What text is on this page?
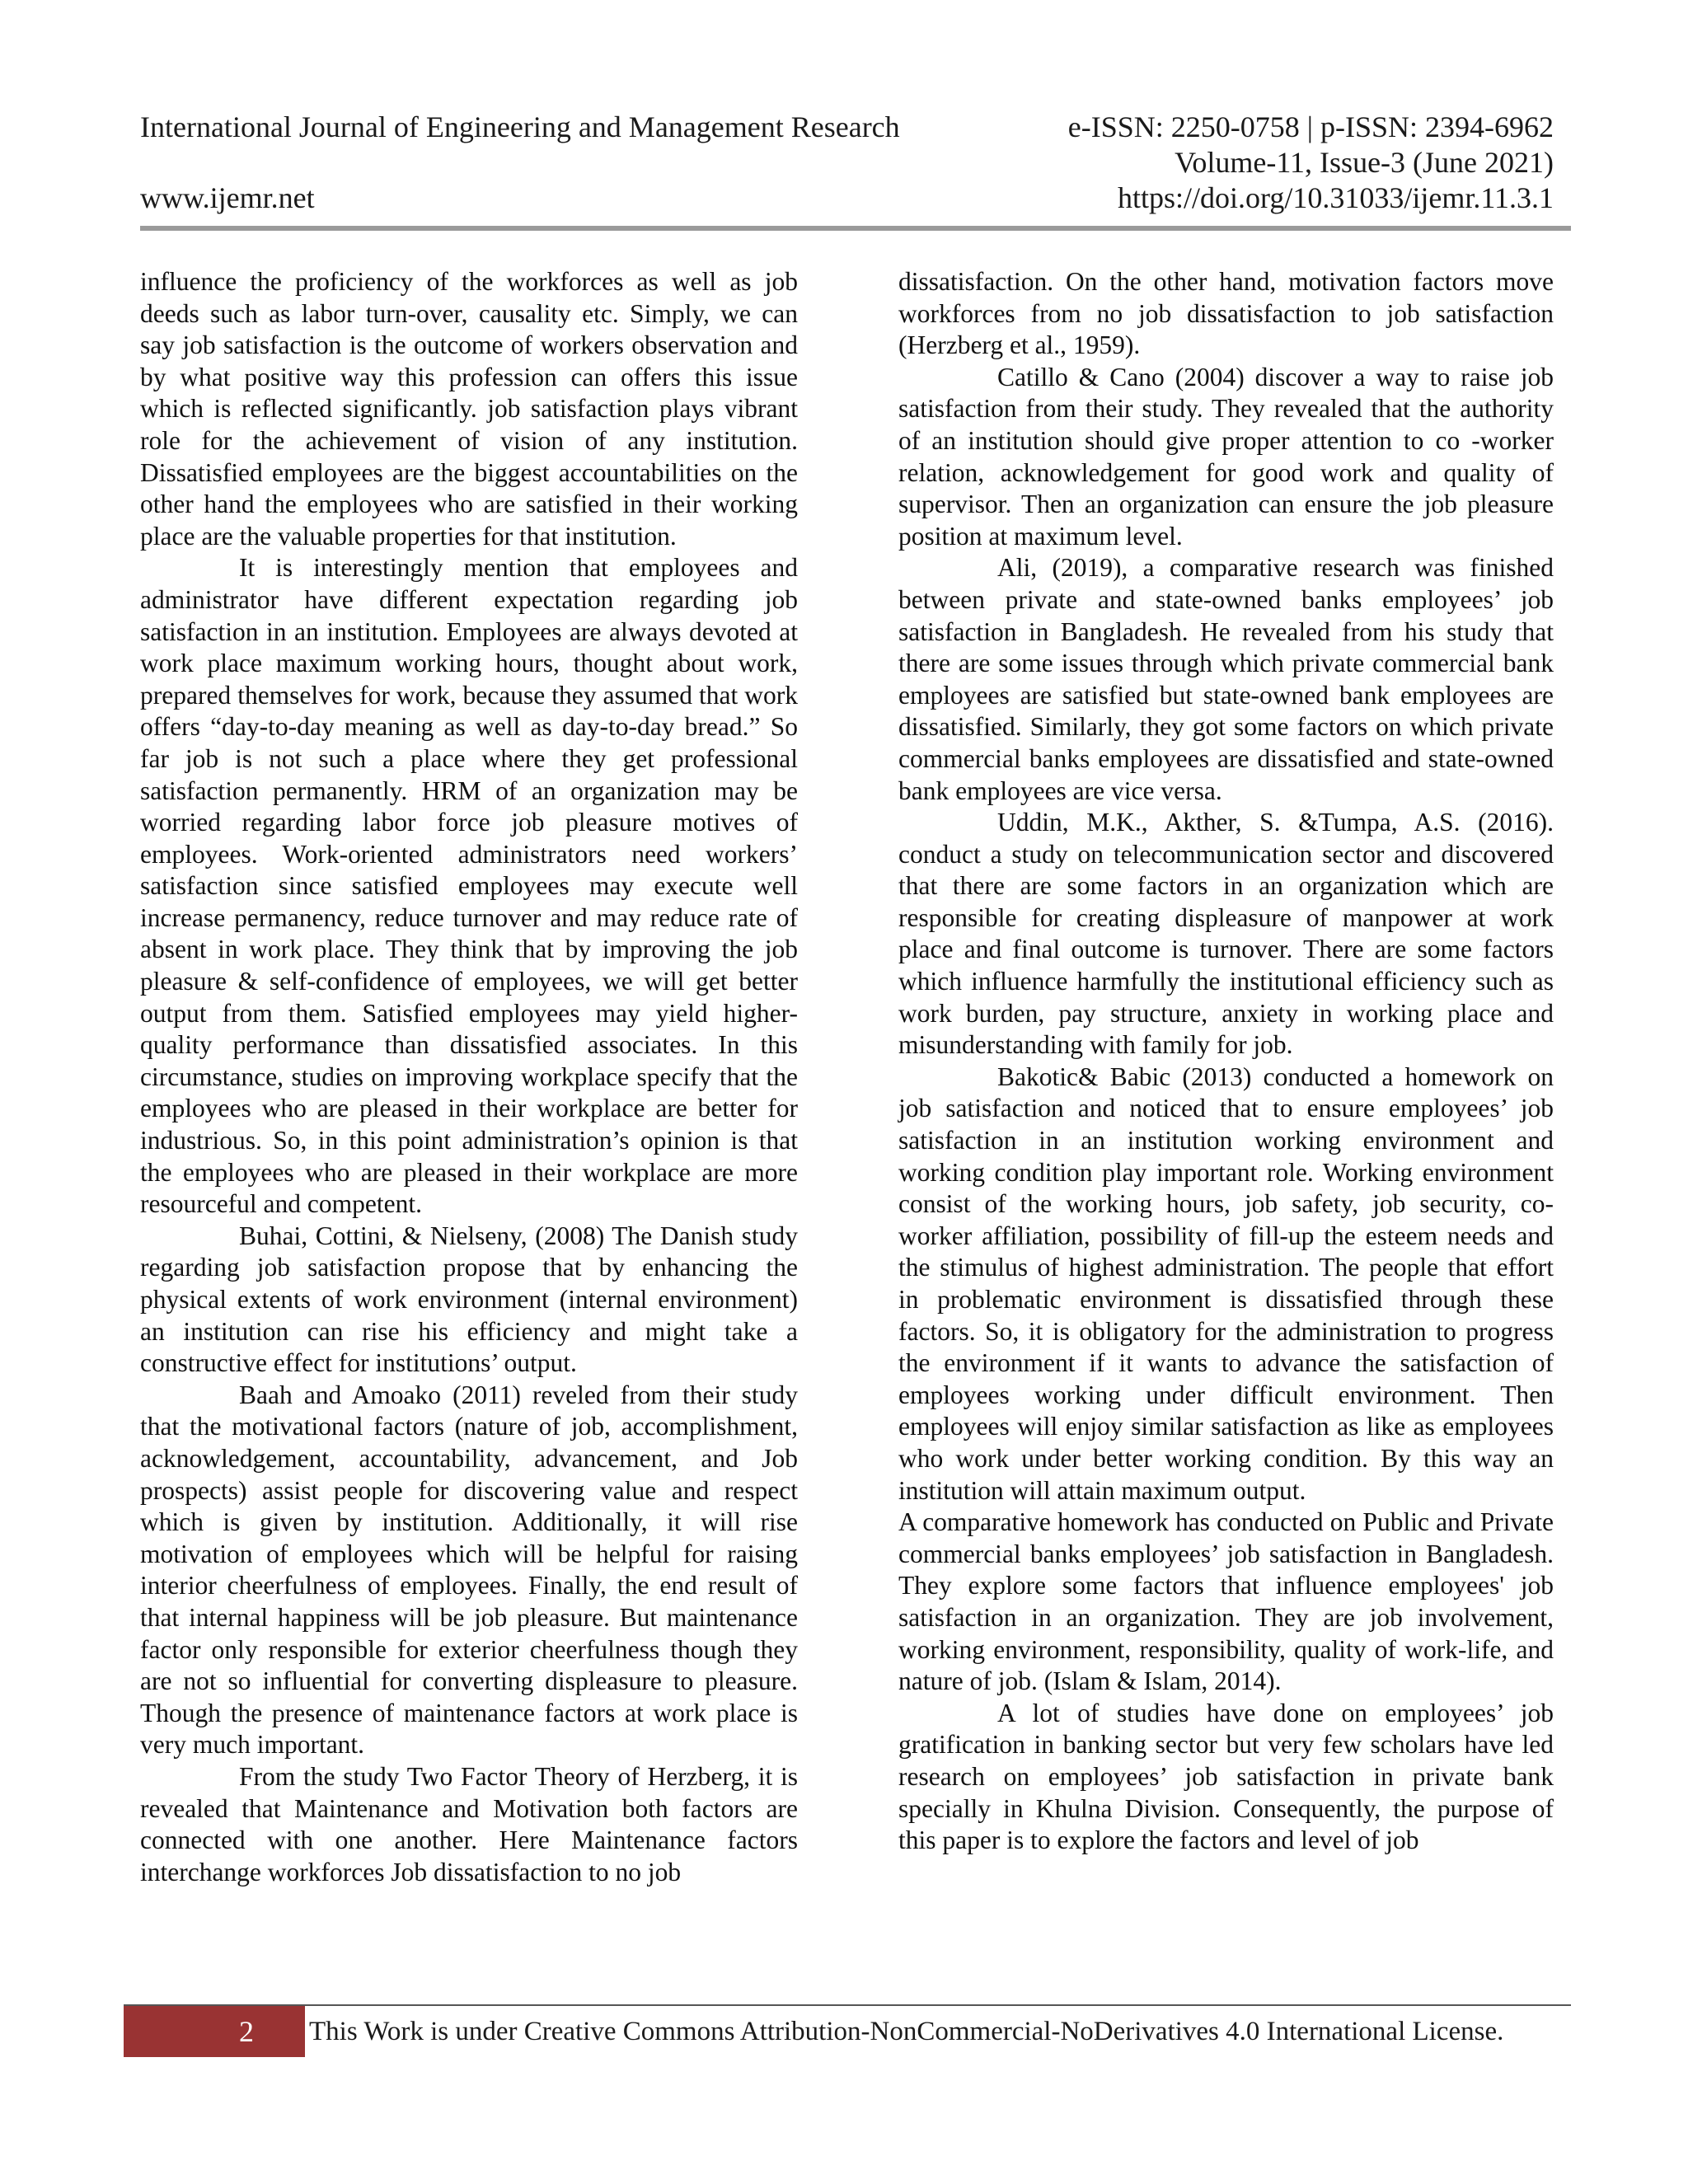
International Journal of Engineering and Management Research	e-ISSN: 2250-0758 | p-ISSN: 2394-6962
Volume-11, Issue-3 (June 2021)
www.ijemr.net	https://doi.org/10.31033/ijemr.11.3.1

influence the proficiency of the workforces as well as job deeds such as labor turn-over, causality etc. Simply, we can say job satisfaction is the outcome of workers observation and by what positive way this profession can offers this issue which is reflected significantly. job satisfaction plays vibrant role for the achievement of vision of any institution. Dissatisfied employees are the biggest accountabilities on the other hand the employees who are satisfied in their working place are the valuable properties for that institution.

It is interestingly mention that employees and administrator have different expectation regarding job satisfaction in an institution. Employees are always devoted at work place maximum working hours, thought about work, prepared themselves for work, because they assumed that work offers “day-to-day meaning as well as day-to-day bread.” So far job is not such a place where they get professional satisfaction permanently. HRM of an organization may be worried regarding labor force job pleasure motives of employees. Work-oriented administrators need workers’ satisfaction since satisfied employees may execute well increase permanency, reduce turnover and may reduce rate of absent in work place. They think that by improving the job pleasure & self-confidence of employees, we will get better output from them. Satisfied employees may yield higher-quality performance than dissatisfied associates. In this circumstance, studies on improving workplace specify that the employees who are pleased in their workplace are better for industrious. So, in this point administration’s opinion is that the employees who are pleased in their workplace are more resourceful and competent.

Buhai, Cottini, & Nielseny, (2008) The Danish study regarding job satisfaction propose that by enhancing the physical extents of work environment (internal environment) an institution can rise his efficiency and might take a constructive effect for institutions’ output.

Baah and Amoako (2011) reveled from their study that the motivational factors (nature of job, accomplishment, acknowledgement, accountability, advancement, and Job prospects) assist people for discovering value and respect which is given by institution. Additionally, it will rise motivation of employees which will be helpful for raising interior cheerfulness of employees. Finally, the end result of that internal happiness will be job pleasure. But maintenance factor only responsible for exterior cheerfulness though they are not so influential for converting displeasure to pleasure. Though the presence of maintenance factors at work place is very much important.

From the study Two Factor Theory of Herzberg, it is revealed that Maintenance and Motivation both factors are connected with one another. Here Maintenance factors interchange workforces Job dissatisfaction to no job

dissatisfaction. On the other hand, motivation factors move workforces from no job dissatisfaction to job satisfaction (Herzberg et al., 1959).

Catillo & Cano (2004) discover a way to raise job satisfaction from their study. They revealed that the authority of an institution should give proper attention to co -worker relation, acknowledgement for good work and quality of supervisor. Then an organization can ensure the job pleasure position at maximum level.

Ali, (2019), a comparative research was finished between private and state-owned banks employees’ job satisfaction in Bangladesh. He revealed from his study that there are some issues through which private commercial bank employees are satisfied but state-owned bank employees are dissatisfied. Similarly, they got some factors on which private commercial banks employees are dissatisfied and state-owned bank employees are vice versa.

Uddin, M.K., Akther, S. &Tumpa, A.S. (2016). conduct a study on telecommunication sector and discovered that there are some factors in an organization which are responsible for creating displeasure of manpower at work place and final outcome is turnover. There are some factors which influence harmfully the institutional efficiency such as work burden, pay structure, anxiety in working place and misunderstanding with family for job.

Bakotic& Babic (2013) conducted a homework on job satisfaction and noticed that to ensure employees’ job satisfaction in an institution working environment and working condition play important role. Working environment consist of the working hours, job safety, job security, co-worker affiliation, possibility of fill-up the esteem needs and the stimulus of highest administration. The people that effort in problematic environment is dissatisfied through these factors. So, it is obligatory for the administration to progress the environment if it wants to advance the satisfaction of employees working under difficult environment. Then employees will enjoy similar satisfaction as like as employees who work under better working condition. By this way an institution will attain maximum output.

A comparative homework has conducted on Public and Private commercial banks employees’ job satisfaction in Bangladesh. They explore some factors that influence employees' job satisfaction in an organization. They are job involvement, working environment, responsibility, quality of work-life, and nature of job. (Islam & Islam, 2014).

A lot of studies have done on employees’ job gratification in banking sector but very few scholars have led research on employees’ job satisfaction in private bank specially in Khulna Division. Consequently, the purpose of this paper is to explore the factors and level of job

2	This Work is under Creative Commons Attribution-NonCommercial-NoDerivatives 4.0 International License.
